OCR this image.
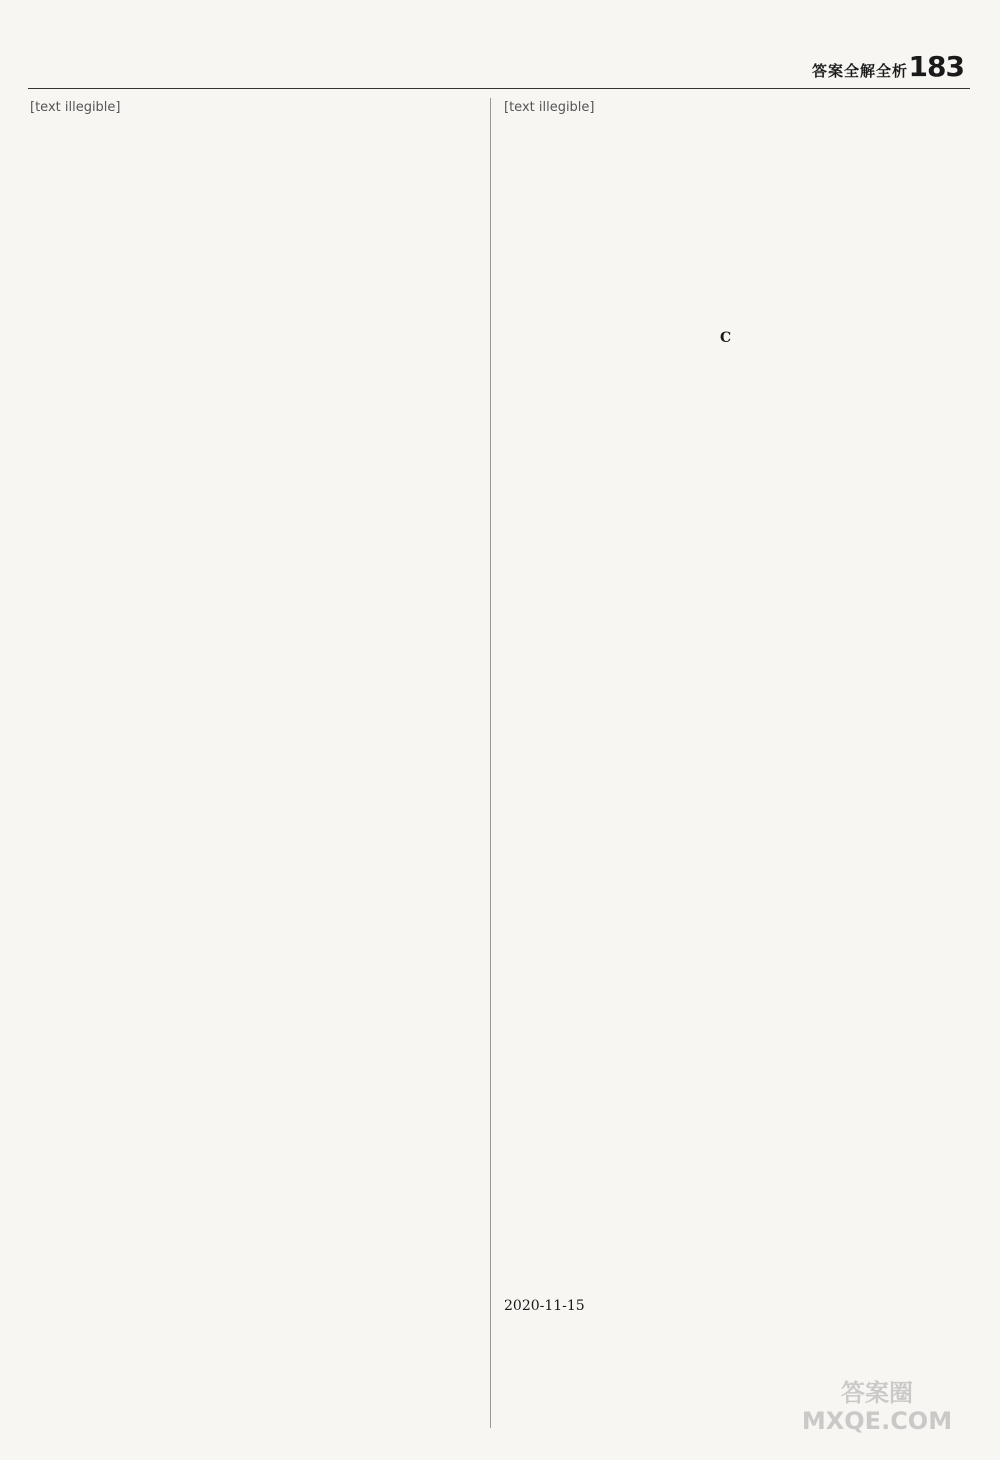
答案全解全析 183
[text illegible]	[text illegible]
C
2020-11-15
答案圈
MXQE.COM
